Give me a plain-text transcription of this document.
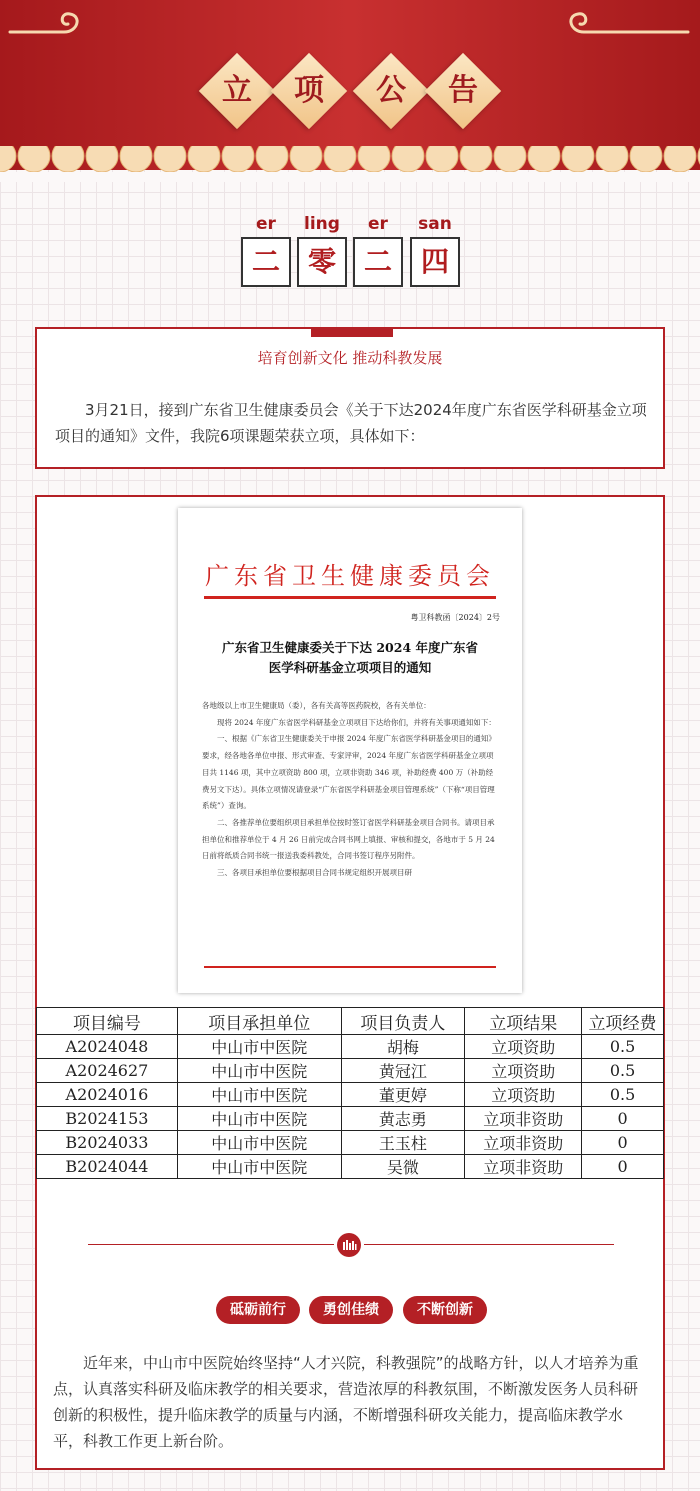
立	项	公	告
er	ling	er	san
二 零 二	四
培育创新文化 推动科教发展

3月21日，接到广东省卫生健康委员会《关于下达2024年度广东省医学科研基金立项项目的通知》文件，我院6项课题荣获立项，具体如下：

广东省卫生健康委员会
粤卫科教函〔2024〕2号
广东省卫生健康委关于下达 2024 年度广东省
医学科研基金立项项目的通知

各地级以上市卫生健康局（委），各有关高等医药院校，各有关单位：

现将 2024 年度广东省医学科研基金立项项目下达给你们，并将有关事项通知如下：

一、根据《广东省卫生健康委关于申报 2024 年度广东省医学科研基金项目的通知》要求，经各地各单位申报、形式审查、专家评审，2024 年度广东省医学科研基金立项项目共 1146 项，其中立项资助 800 项，立项非资助 346 项，补助经费 400 万（补助经费另文下达）。具体立项情况请登录“广东省医学科研基金项目管理系统”（下称“项目管理系统”）查询。

二、各推荐单位要组织项目承担单位按时签订省医学科研基金项目合同书。请项目承担单位和推荐单位于 4 月 26 日前完成合同书网上填报、审核和提交，各地市于 5 月 24 日前将纸质合同书统一报送我委科教处，合同书签订程序另附件。

三、各项目承担单位要根据项目合同书规定组织开展项目研

项目编号	项目承担单位	项目负责人	立项结果	立项经费
A2024048	中山市中医院	胡梅	立项资助	0.5
A2024627	中山市中医院	黄冠江	立项资助	0.5
A2024016	中山市中医院	董更婷	立项资助	0.5
B2024153	中山市中医院	黄志勇	立项非资助	0
B2024033	中山市中医院	王玉柱	立项非资助	0
B2024044	中山市中医院	吴微	立项非资助	0
砥砺前行	勇创佳绩	不断创新

近年来，中山市中医院始终坚持“人才兴院，科教强院”的战略方针，以人才培养为重点，认真落实科研及临床教学的相关要求，营造浓厚的科教氛围，不断激发医务人员科研创新的积极性，提升临床教学的质量与内涵，不断增强科研攻关能力，提高临床教学水平，科教工作更上新台阶。
